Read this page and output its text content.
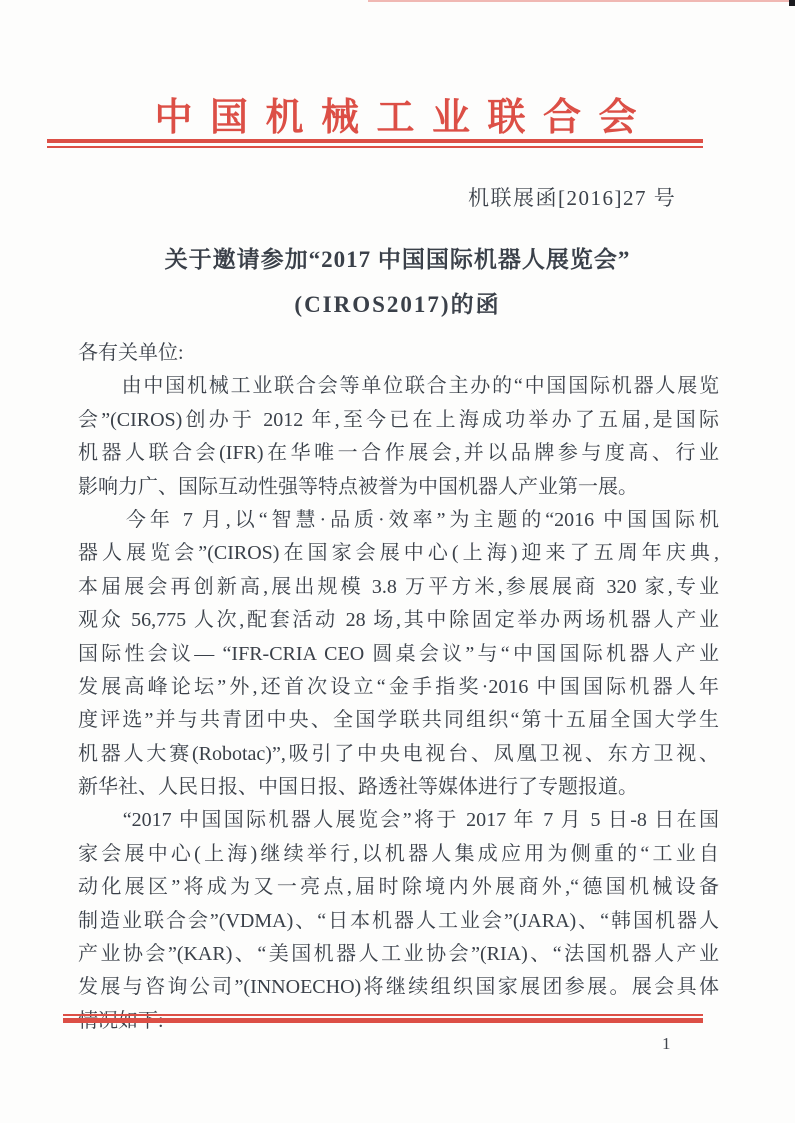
中 国 机 械 工 业 联 合 会
机联展函[2016]27 号
关于邀请参加“2017 中国国际机器人展览会”
(CIROS2017)的函
各有关单位:
　　由中国机械工业联合会等单位联合主办的“中国国际机器人展览
会”(CIROS)创办于 2012 年,至今已在上海成功举办了五届,是国际
机器人联合会(IFR)在华唯一合作展会,并以品牌参与度高、行业
影响力广、国际互动性强等特点被誉为中国机器人产业第一展。
　　今年 7 月,以“智慧·品质·效率”为主题的“2016 中国国际机
器人展览会”(CIROS)在国家会展中心(上海)迎来了五周年庆典,
本届展会再创新高,展出规模 3.8 万平方米,参展展商 320 家,专业
观众 56,775 人次,配套活动 28 场,其中除固定举办两场机器人产业
国际性会议— “IFR-CRIA CEO 圆桌会议”与“中国国际机器人产业
发展高峰论坛”外,还首次设立“金手指奖·2016 中国国际机器人年
度评选”并与共青团中央、全国学联共同组织“第十五届全国大学生
机器人大赛(Robotac)”,吸引了中央电视台、凤凰卫视、东方卫视、
新华社、人民日报、中国日报、路透社等媒体进行了专题报道。
　　“2017 中国国际机器人展览会”将于 2017 年 7 月 5 日-8 日在国
家会展中心(上海)继续举行,以机器人集成应用为侧重的“工业自
动化展区”将成为又一亮点,届时除境内外展商外,“德国机械设备
制造业联合会”(VDMA)、“日本机器人工业会”(JARA)、“韩国机器人
产业协会”(KAR)、“美国机器人工业协会”(RIA)、“法国机器人产业
发展与咨询公司”(INNOECHO)将继续组织国家展团参展。展会具体
1
